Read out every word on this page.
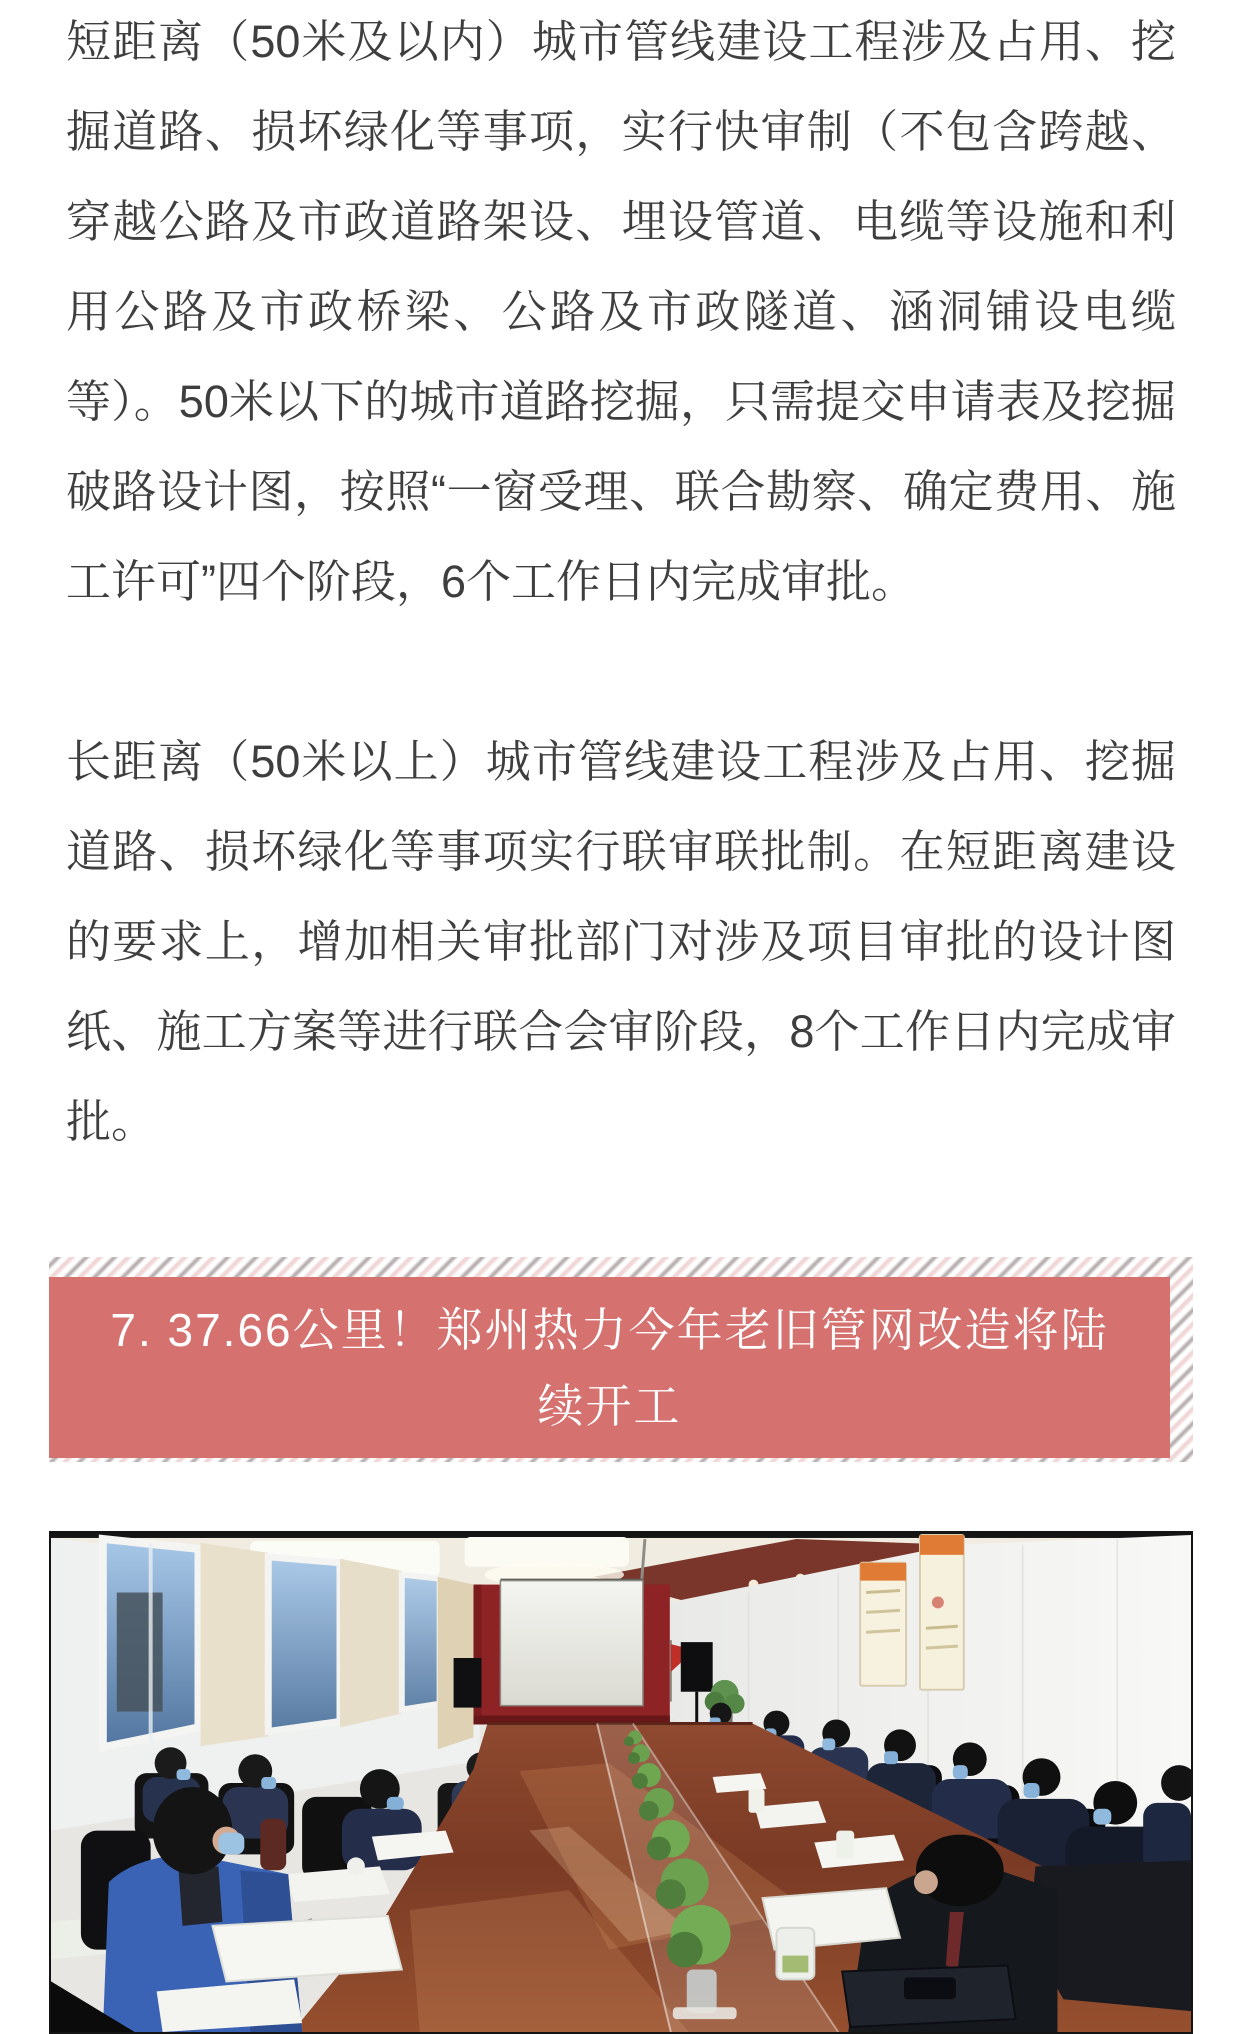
短距离（50米及以内）城市管线建设工程涉及占用、挖掘道路、损坏绿化等事项，实行快审制（不包含跨越、穿越公路及市政道路架设、埋设管道、电缆等设施和利用公路及市政桥梁、公路及市政隧道、涵洞铺设电缆等）。50米以下的城市道路挖掘，只需提交申请表及挖掘破路设计图，按照“一窗受理、联合勘察、确定费用、施工许可”四个阶段，6个工作日内完成审批。

长距离（50米以上）城市管线建设工程涉及占用、挖掘道路、损坏绿化等事项实行联审联批制。在短距离建设的要求上，增加相关审批部门对涉及项目审批的设计图纸、施工方案等进行联合会审阶段，8个工作日内完成审批。

7. 37.66公里！郑州热力今年老旧管网改造将陆续开工
